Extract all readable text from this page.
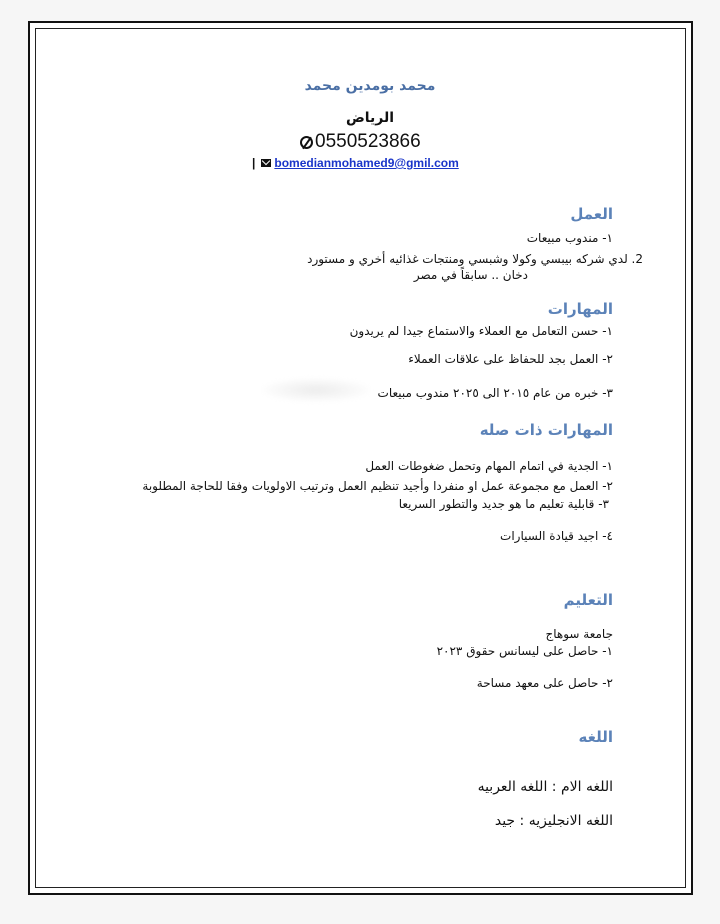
محمد بومدين محمد
الرياض
0550523866
| bomedianmohamed9@gmil.com
العمل
١- مندوب مبيعات
2. لدي شركه بيبسي وكولا وشبسي ومنتجات غذائيه أخري و مستورد
دخان .. سابقاً في مصر
المهارات
١- حسن التعامل مع العملاء والاستماع جيدا لم يريدون
٢- العمل بجد للحفاظ على علاقات العملاء
٣- خبره من عام ٢٠١٥ الى ٢٠٢٥ مندوب مبيعات
المهارات ذات صله
١- الجدية في اتمام المهام وتحمل ضغوطات العمل
٢- العمل مع مجموعة عمل او منفردا وأجيد تنظيم العمل وترتيب الاولويات وفقا للحاجة المطلوبة
٣- قابلية تعليم ما هو جديد والتطور السريعا
٤- اجيد قيادة السيارات
التعليم
جامعة سوهاج
١- حاصل على ليسانس حقوق ٢٠٢٣
٢- حاصل على معهد مساحة
اللغه
اللغه الام : اللغه العربيه
اللغه الانجليزيه : جيد
